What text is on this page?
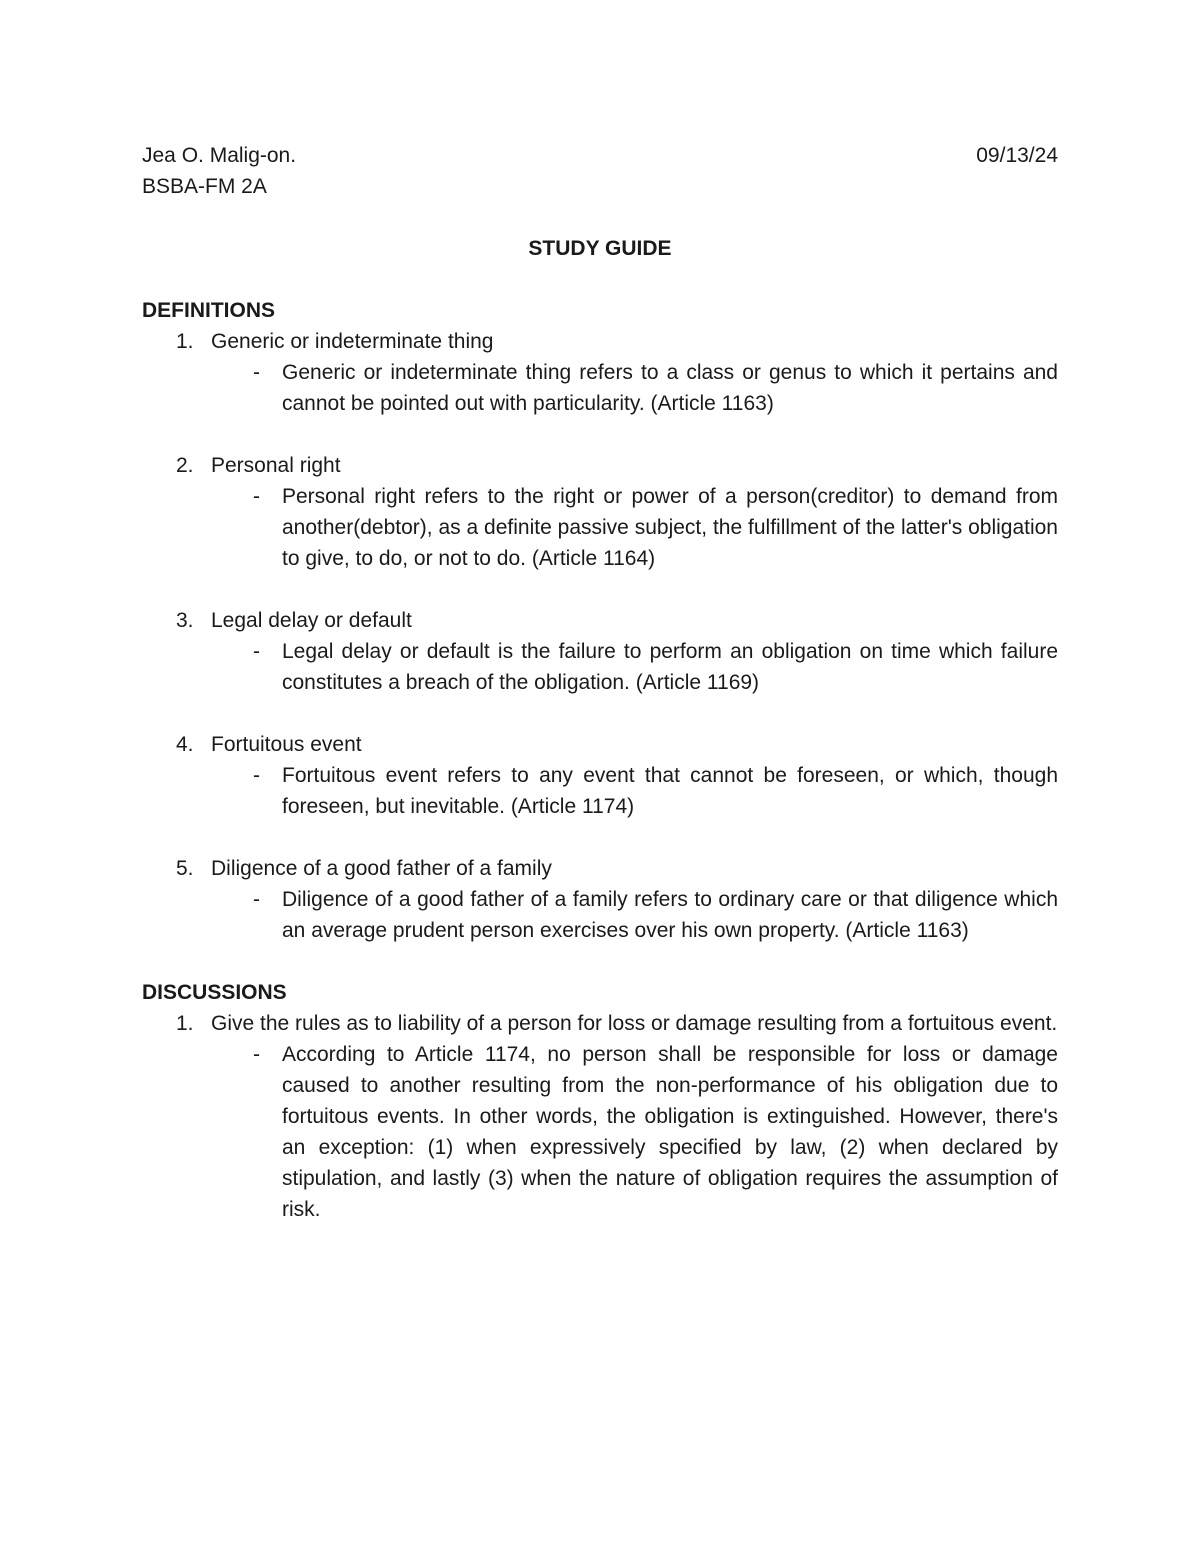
Jea O. Malig-on.	09/13/24
BSBA-FM 2A
STUDY GUIDE
DEFINITIONS
1. Generic or indeterminate thing
- Generic or indeterminate thing refers to a class or genus to which it pertains and cannot be pointed out with particularity. (Article 1163)
2. Personal right
- Personal right refers to the right or power of a person(creditor) to demand from another(debtor), as a definite passive subject, the fulfillment of the latter's obligation to give, to do, or not to do. (Article 1164)
3. Legal delay or default
- Legal delay or default is the failure to perform an obligation on time which failure constitutes a breach of the obligation. (Article 1169)
4. Fortuitous event
- Fortuitous event refers to any event that cannot be foreseen, or which, though foreseen, but inevitable. (Article 1174)
5. Diligence of a good father of a family
- Diligence of a good father of a family refers to ordinary care or that diligence which an average prudent person exercises over his own property. (Article 1163)
DISCUSSIONS
1. Give the rules as to liability of a person for loss or damage resulting from a fortuitous event.
- According to Article 1174, no person shall be responsible for loss or damage caused to another resulting from the non-performance of his obligation due to fortuitous events. In other words, the obligation is extinguished. However, there's an exception: (1) when expressively specified by law, (2) when declared by stipulation, and lastly (3) when the nature of obligation requires the assumption of risk.
